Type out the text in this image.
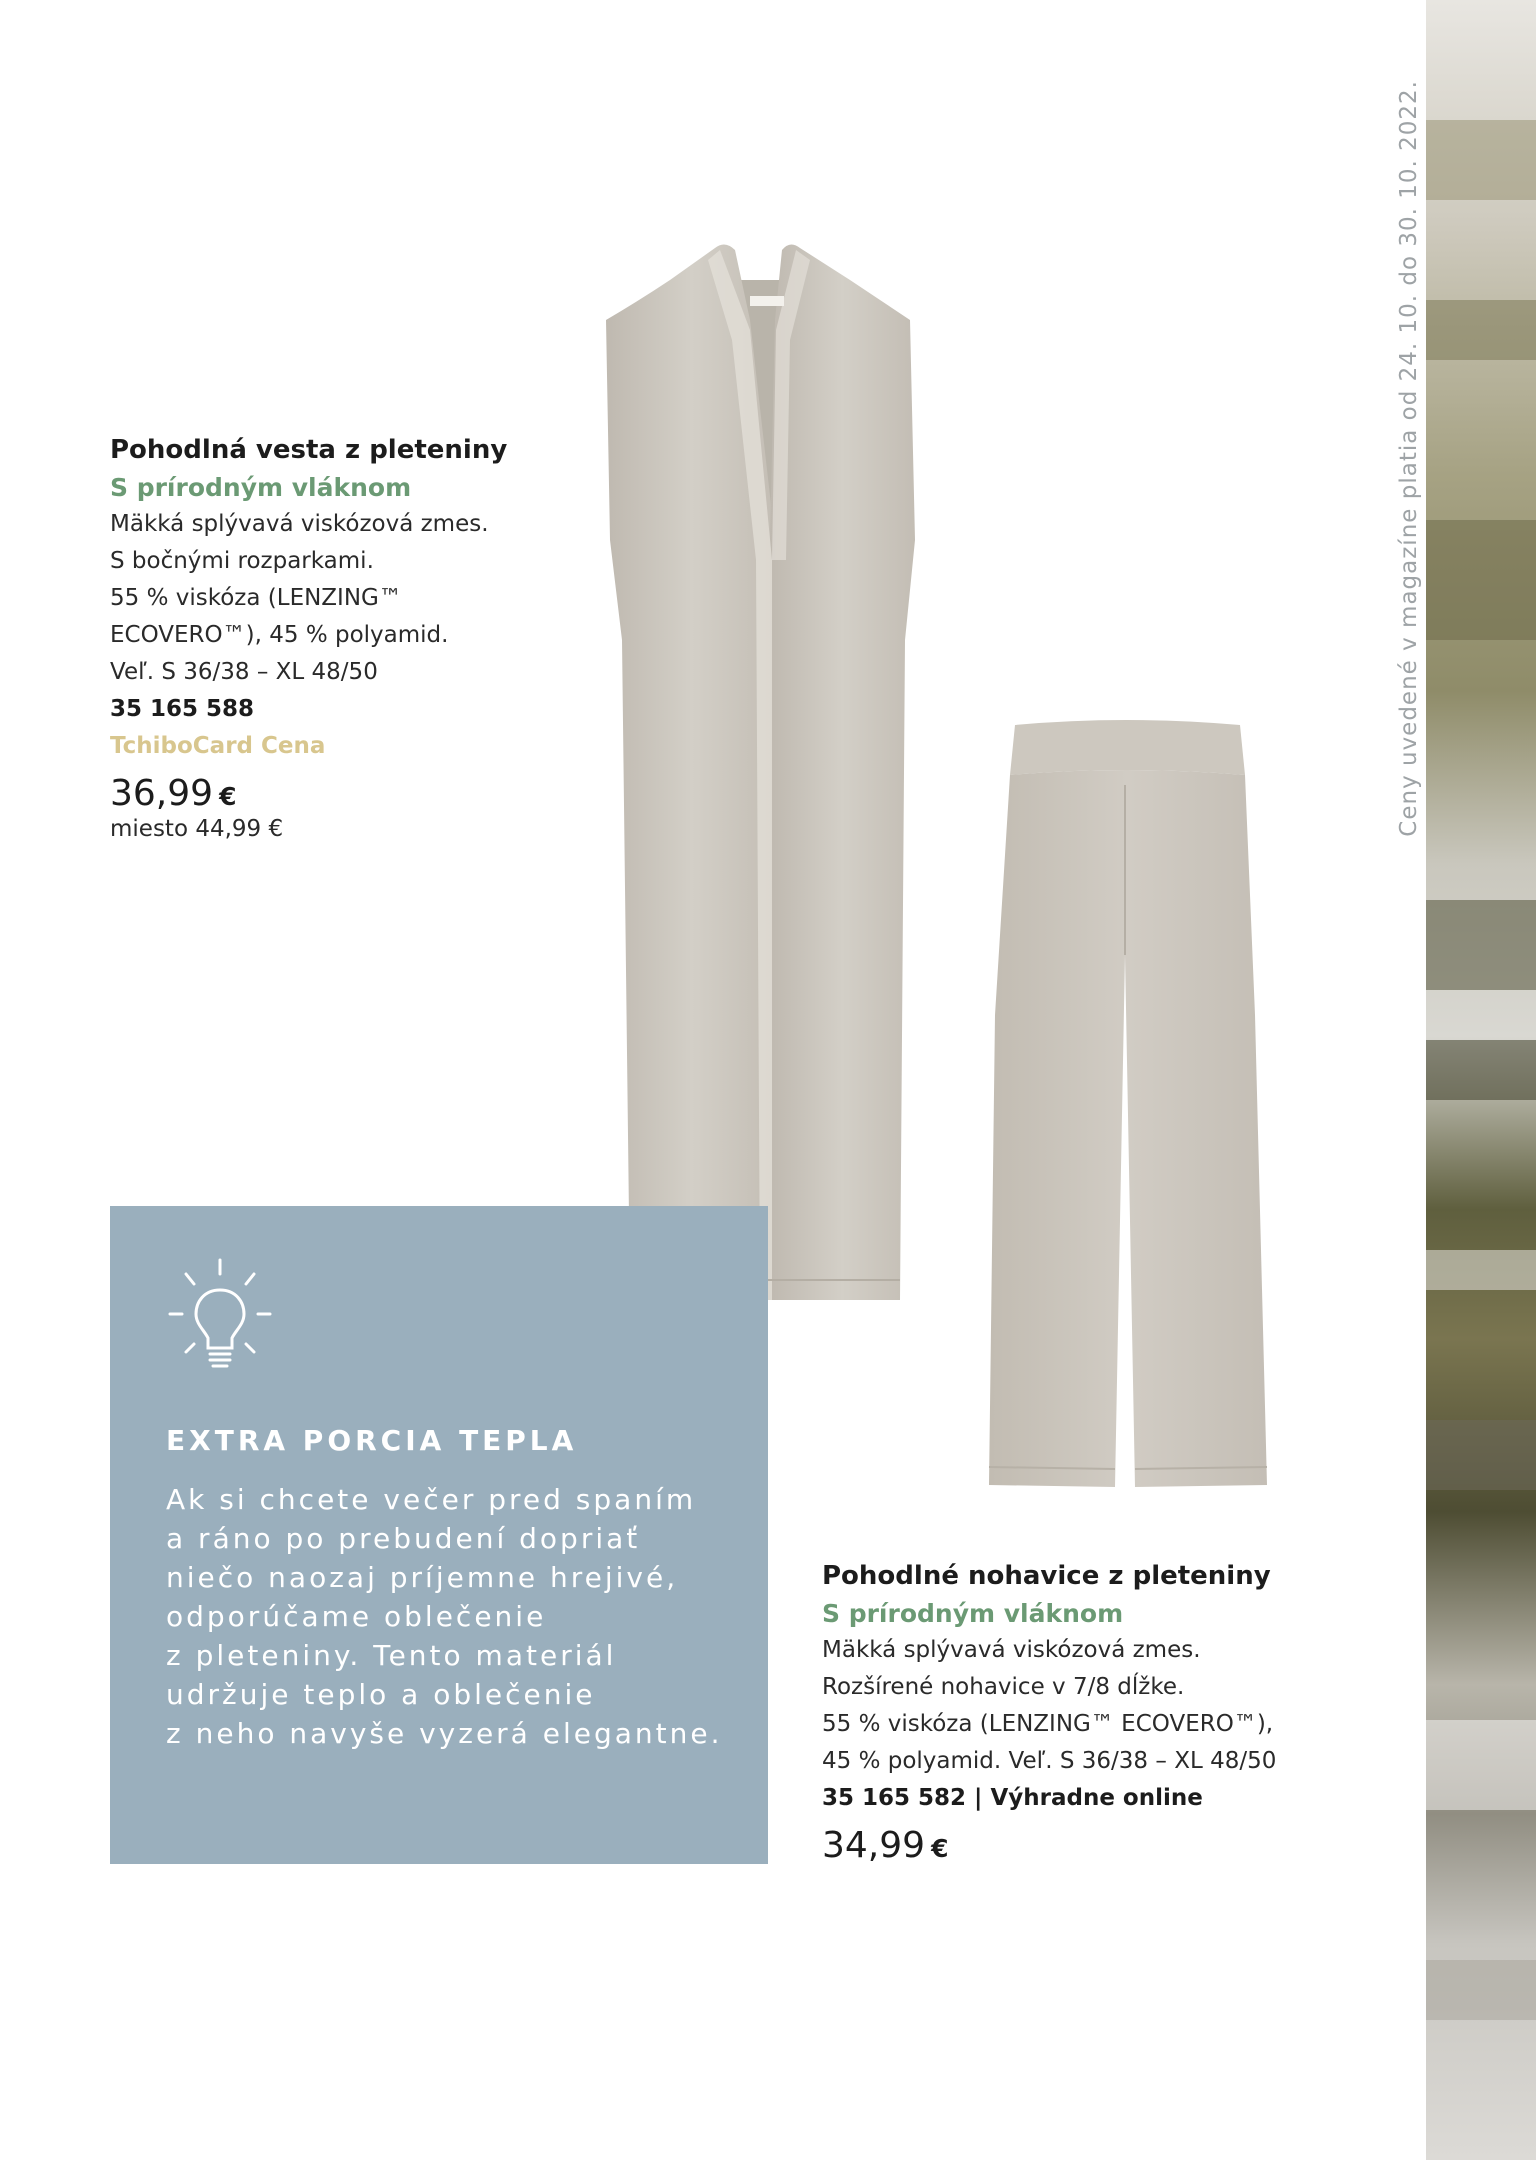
Ceny uvedené v magazíne platia od 24. 10. do 30. 10. 2022.
Pohodlná vesta z pleteniny
S prírodným vláknom
Mäkká splývavá viskózová zmes.
S bočnými rozparkami.
55 % viskóza (LENZING™
ECOVERO™), 45 % polyamid.
Veľ. S 36/38 – XL 48/50
35 165 588
TchiboCard Cena
36,99 €
miesto 44,99 €
EXTRA PORCIA TEPLA
Ak si chcete večer pred spaním
a ráno po prebudení dopriať
niečo naozaj príjemne hrejivé,
odporúčame oblečenie
z pleteniny. Tento materiál
udržuje teplo a oblečenie
z neho navyše vyzerá elegantne.
Pohodlné nohavice z pleteniny
S prírodným vláknom
Mäkká splývavá viskózová zmes.
Rozšírené nohavice v 7/8 dĺžke.
55 % viskóza (LENZING™ ECOVERO™),
45 % polyamid. Veľ. S 36/38 – XL 48/50
35 165 582 | Výhradne online
34,99 €
